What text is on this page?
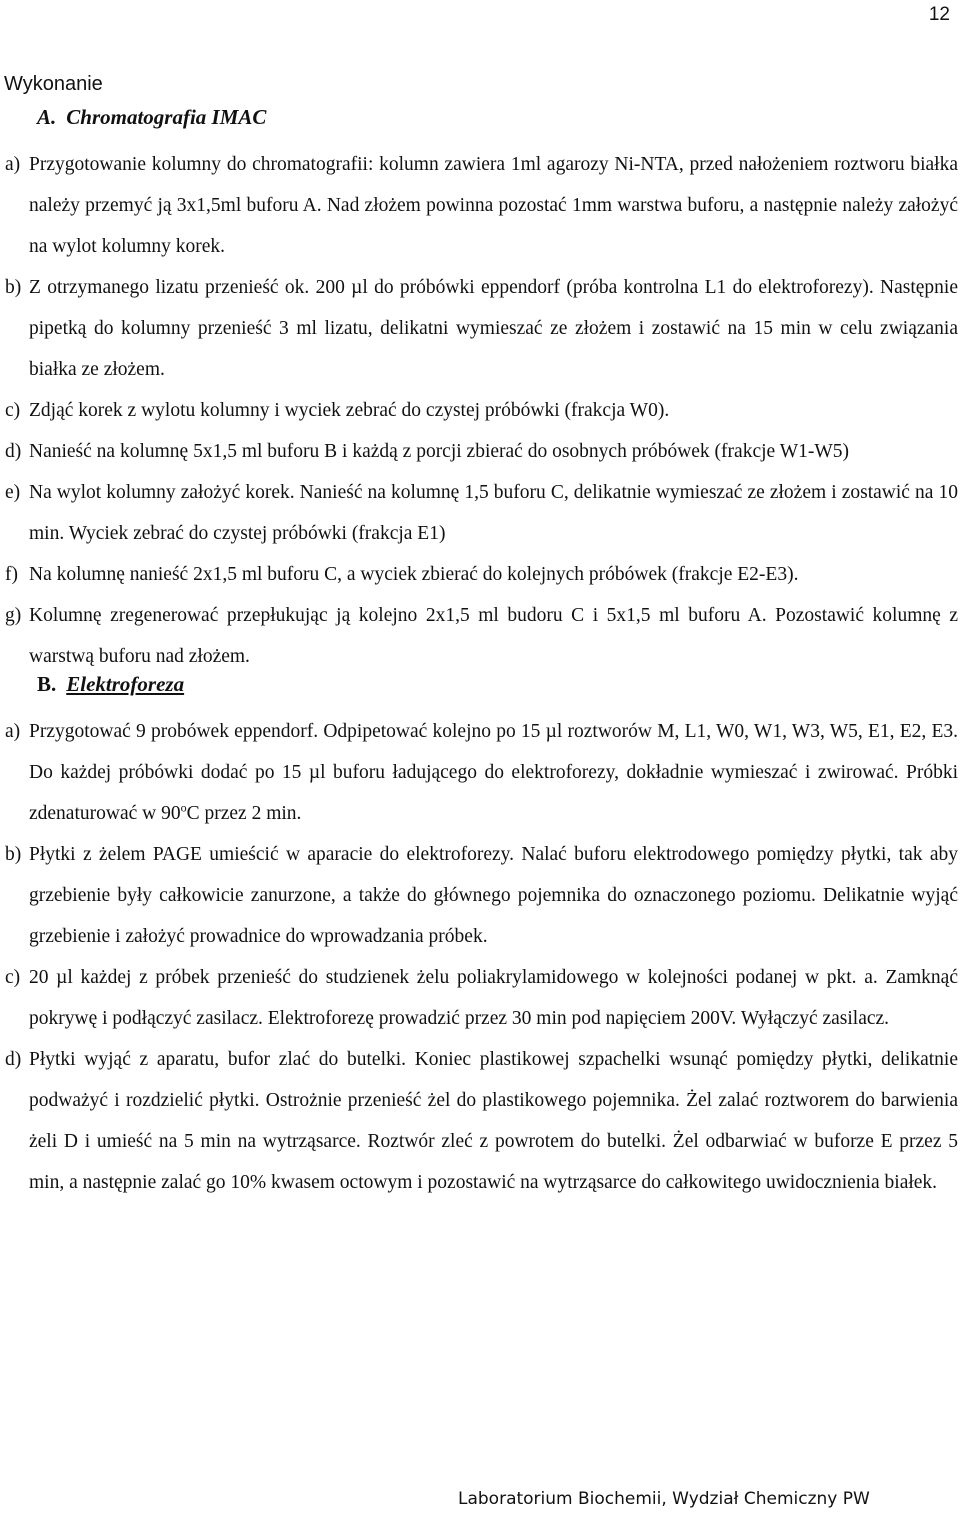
12
Wykonanie
A. Chromatografia IMAC
a) Przygotowanie kolumny do chromatografii: kolumn zawiera 1ml agarozy Ni-NTA, przed nałożeniem roztworu białka należy przemyć ją 3x1,5ml buforu A. Nad złożem powinna pozostać 1mm warstwa buforu, a następnie należy założyć na wylot kolumny korek.
b) Z otrzymanego lizatu przenieść ok. 200 µl do próbówki eppendorf (próba kontrolna L1 do elektroforezy). Następnie pipetką do kolumny przenieść 3 ml lizatu, delikatni wymieszać ze złożem i zostawić na 15 min w celu związania białka ze złożem.
c) Zdjąć korek z wylotu kolumny i wyciek zebrać do czystej próbówki (frakcja W0).
d) Nanieść na kolumnę 5x1,5 ml buforu B i każdą z porcji zbierać do osobnych próbówek (frakcje W1-W5)
e) Na wylot kolumny założyć korek. Nanieść na kolumnę 1,5 buforu C, delikatnie wymieszać ze złożem i zostawić na 10 min. Wyciek zebrać do czystej próbówki (frakcja E1)
f) Na kolumnę nanieść 2x1,5 ml buforu C, a wyciek zbierać do kolejnych próbówek (frakcje E2-E3).
g) Kolumnę zregenerować przepłukując ją kolejno 2x1,5 ml budoru C i 5x1,5 ml buforu A. Pozostawić kolumnę z warstwą buforu nad złożem.
B. Elektroforeza
a) Przygotować 9 probówek eppendorf. Odpipetować kolejno po 15 µl roztworów M, L1, W0, W1, W3, W5, E1, E2, E3. Do każdej próbówki dodać po 15 µl buforu ładującego do elektroforezy, dokładnie wymieszać i zwirować. Próbki zdenaturować w 90$^o$C przez 2 min.
b) Płytki z żelem PAGE umieścić w aparacie do elektroforezy. Nalać buforu elektrodowego pomiędzy płytki, tak aby grzebienie były całkowicie zanurzone, a także do głównego pojemnika do oznaczonego poziomu. Delikatnie wyjąć grzebienie i założyć prowadnice do wprowadzania próbek.
c) 20 µl każdej z próbek przenieść do studzienek żelu poliakrylamidowego w kolejności podanej w pkt. a. Zamknąć pokrywę i podłączyć zasilacz. Elektroforezę prowadzić przez 30 min pod napięciem 200V. Wyłączyć zasilacz.
d) Płytki wyjąć z aparatu, bufor zlać do butelki. Koniec plastikowej szpachelki wsunąć pomiędzy płytki, delikatnie podważyć i rozdzielić płytki. Ostrożnie przenieść żel do plastikowego pojemnika. Żel zalać roztworem do barwienia żeli D i umieść na 5 min na wytrząsarce. Roztwór zleć z powrotem do butelki. Żel odbarwiać w buforze E przez 5 min, a następnie zalać go 10% kwasem octowym i pozostawić na wytrząsarce do całkowitego uwidocznienia białek.
Laboratorium Biochemii, Wydział Chemiczny PW
